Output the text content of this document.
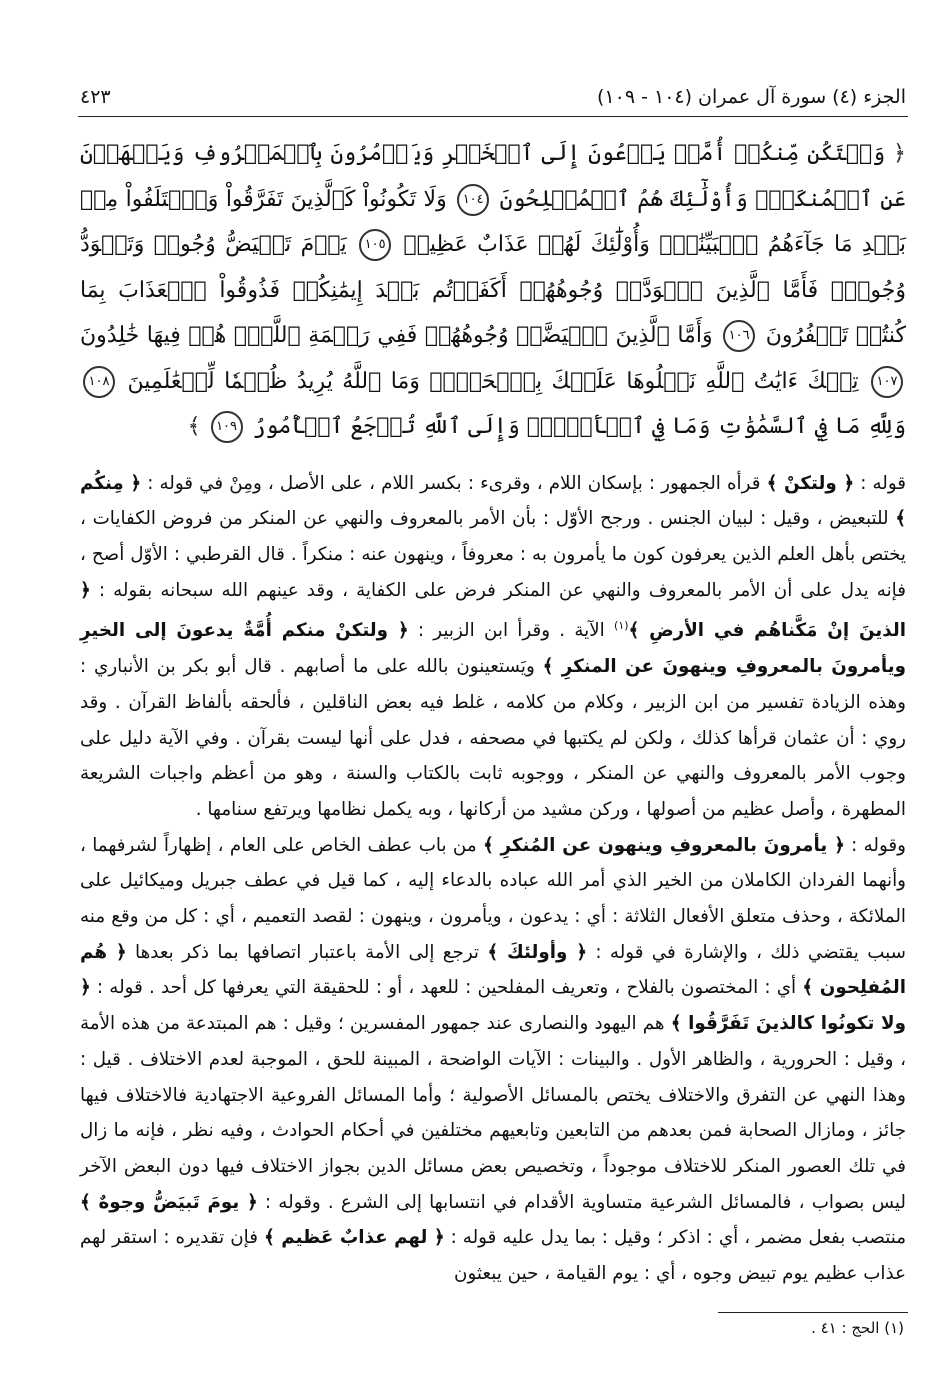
الجزء (٤) سورة آل عمران (١٠٤ - ١٠٩)
٤٢٣
﴿ وَلۡتَكُن مِّنكُمۡ أُمَّةٞ يَدۡعُونَ إِلَى ٱلۡخَيۡرِ وَيَأۡمُرُونَ بِٱلۡمَعۡرُوفِ وَيَنۡهَوۡنَ عَنِ ٱلۡمُنكَرِۚ وَأُوْلَٰٓئِكَ هُمُ ٱلۡمُفۡلِحُونَ ١٠٤ وَلَا تَكُونُواْ كَٱلَّذِينَ تَفَرَّقُواْ وَٱخۡتَلَفُواْ مِنۢ بَعۡدِ مَا جَآءَهُمُ ٱلۡبَيِّنَٰتُۚ وَأُوْلَٰٓئِكَ لَهُمۡ عَذَابٌ عَظِيمٞ ١٠٥ يَوۡمَ تَبۡيَضُّ وُجُوهٞ وَتَسۡوَدُّ وُجُوهٞۚ فَأَمَّا ٱلَّذِينَ ٱسۡوَدَّتۡ وُجُوهُهُمۡ أَكَفَرۡتُم بَعۡدَ إِيمَٰنِكُمۡ فَذُوقُواْ ٱلۡعَذَابَ بِمَا كُنتُمۡ تَكۡفُرُونَ ١٠٦ وَأَمَّا ٱلَّذِينَ ٱبۡيَضَّتۡ وُجُوهُهُمۡ فَفِي رَحۡمَةِ ٱللَّهِۖ هُمۡ فِيهَا خَٰلِدُونَ ١٠٧ تِلۡكَ ءَايَٰتُ ٱللَّهِ نَتۡلُوهَا عَلَيۡكَ بِٱلۡحَقِّۗ وَمَا ٱللَّهُ يُرِيدُ ظُلۡمٗا لِّلۡعَٰلَمِينَ ١٠٨ وَلِلَّهِ مَا فِي ٱلسَّمَٰوَٰتِ وَمَا فِي ٱلۡأَرۡضِۚ وَإِلَى ٱللَّهِ تُرۡجَعُ ٱلۡأُمُورُ ١٠٩ ﴾

قوله : ﴿ ولتكنْ ﴾ قرأه الجمهور : بإسكان اللام ، وقرىء : بكسر اللام ، على الأصل ، ومِنْ في قوله : ﴿ مِنكُم ﴾ للتبعيض ، وقيل : لبيان الجنس . ورجح الأوّل : بأن الأمر بالمعروف والنهي عن المنكر من فروض الكفايات ، يختص بأهل العلم الذين يعرفون كون ما يأمرون به : معروفاً ، وينهون عنه : منكراً . قال القرطبي : الأوّل أصح ، فإنه يدل على أن الأمر بالمعروف والنهي عن المنكر فرض على الكفاية ، وقد عينهم الله سبحانه بقوله : ﴿ الذينَ إنْ مَكَّناهُم في الأرضِ ﴾$^{(١)}$ الآية . وقرأ ابن الزبير : ﴿ ولتكنْ منكم أُمَّةٌ يدعونَ إلى الخيرِ ويأمرونَ بالمعروفِ وينهونَ عن المنكرِ ﴾ ويَستعينون بالله على ما أصابهم . قال أبو بكر بن الأنباري : وهذه الزيادة تفسير من ابن الزبير ، وكلام من كلامه ، غلط فيه بعض الناقلين ، فألحقه بألفاظ القرآن . وقد روي : أن عثمان قرأها كذلك ، ولكن لم يكتبها في مصحفه ، فدل على أنها ليست بقرآن . وفي الآية دليل على وجوب الأمر بالمعروف والنهي عن المنكر ، ووجوبه ثابت بالكتاب والسنة ، وهو من أعظم واجبات الشريعة المطهرة ، وأصل عظيم من أصولها ، وركن مشيد من أركانها ، وبه يكمل نظامها ويرتفع سنامها .

وقوله : ﴿ يأمرونَ بالمعروفِ وينهون عن المُنكرِ ﴾ من باب عطف الخاص على العام ، إظهاراً لشرفهما ، وأنهما الفردان الكاملان من الخير الذي أمر الله عباده بالدعاء إليه ، كما قيل في عطف جبريل وميكائيل على الملائكة ، وحذف متعلق الأفعال الثلاثة : أي : يدعون ، ويأمرون ، وينهون : لقصد التعميم ، أي : كل من وقع منه سبب يقتضي ذلك ، والإشارة في قوله : ﴿ وأولئكَ ﴾ ترجع إلى الأمة باعتبار اتصافها بما ذكر بعدها ﴿ هُم المُفلِحون ﴾ أي : المختصون بالفلاح ، وتعريف المفلحين : للعهد ، أو : للحقيقة التي يعرفها كل أحد . قوله : ﴿ ولا تكونُوا كالذينَ تَفَرَّقُوا ﴾ هم اليهود والنصارى عند جمهور المفسرين ؛ وقيل : هم المبتدعة من هذه الأمة ، وقيل : الحرورية ، والظاهر الأول . والبينات : الآيات الواضحة ، المبينة للحق ، الموجبة لعدم الاختلاف . قيل : وهذا النهي عن التفرق والاختلاف يختص بالمسائل الأصولية ؛ وأما المسائل الفروعية الاجتهادية فالاختلاف فيها جائز ، ومازال الصحابة فمن بعدهم من التابعين وتابعيهم مختلفين في أحكام الحوادث ، وفيه نظر ، فإنه ما زال في تلك العصور المنكر للاختلاف موجوداً ، وتخصيص بعض مسائل الدين بجواز الاختلاف فيها دون البعض الآخر ليس بصواب ، فالمسائل الشرعية متساوية الأقدام في انتسابها إلى الشرع . وقوله : ﴿ يومَ تَبيَضُّ وجوهٌ ﴾ منتصب بفعل مضمر ، أي : اذكر ؛ وقيل : بما يدل عليه قوله : ﴿ لهم عذابٌ عَظيم ﴾ فإن تقديره : استقر لهم عذاب عظيم يوم تبيض وجوه ، أي : يوم القيامة ، حين يبعثون

(١) الحج : ٤١ .
